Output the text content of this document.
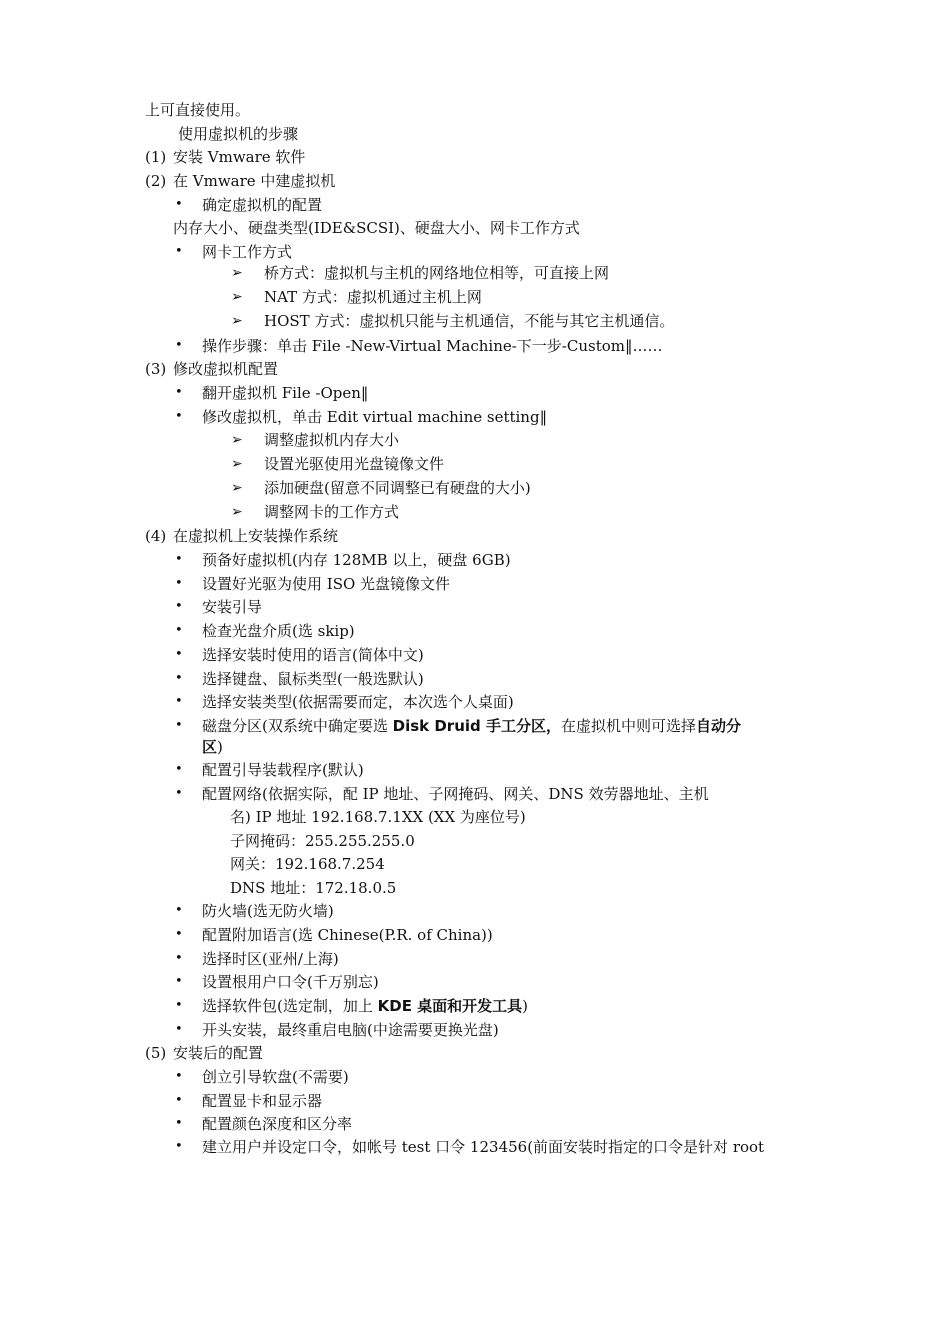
上可直接使用。
使用虚拟机的步骤
(1) 安装 Vmware 软件
(2) 在 Vmware 中建虚拟机
• 确定虚拟机的配置
内存大小、硬盘类型(IDE&SCSI)、硬盘大小、网卡工作方式
• 网卡工作方式
➢ 桥方式：虚拟机与主机的网络地位相等，可直接上网
➢ NAT 方式：虚拟机通过主机上网
➢ HOST 方式：虚拟机只能与主机通信，不能与其它主机通信。
• 操作步骤：单击 File -New-Virtual Machine-下一步-Custom‖……
(3) 修改虚拟机配置
• 翻开虚拟机 File -Open‖
• 修改虚拟机，单击 Edit virtual machine setting‖
➢ 调整虚拟机内存大小
➢ 设置光驱使用光盘镜像文件
➢ 添加硬盘(留意不同调整已有硬盘的大小)
➢ 调整网卡的工作方式
(4) 在虚拟机上安装操作系统
• 预备好虚拟机(内存 128MB 以上，硬盘 6GB)
• 设置好光驱为使用 ISO 光盘镜像文件
• 安装引导
• 检查光盘介质(选 skip)
• 选择安装时使用的语言(简体中文)
• 选择键盘、鼠标类型(一般选默认)
• 选择安装类型(依据需要而定，本次选个人桌面)
• 磁盘分区(双系统中确定要选 Disk Druid 手工分区，在虚拟机中则可选择自动分
区)
• 配置引导装载程序(默认)
• 配置网络(依据实际，配 IP 地址、子网掩码、网关、DNS 效劳器地址、主机
名) IP 地址 192.168.7.1XX (XX 为座位号)
子网掩码：255.255.255.0
网关：192.168.7.254
DNS 地址：172.18.0.5
• 防火墙(选无防火墙)
• 配置附加语言(选 Chinese(P.R. of China))
• 选择时区(亚州/上海)
• 设置根用户口令(千万别忘)
• 选择软件包(选定制，加上 KDE 桌面和开发工具)
• 开头安装，最终重启电脑(中途需要更换光盘)
(5) 安装后的配置
• 创立引导软盘(不需要)
• 配置显卡和显示器
• 配置颜色深度和区分率
• 建立用户并设定口令，如帐号 test 口令 123456(前面安装时指定的口令是针对 root
